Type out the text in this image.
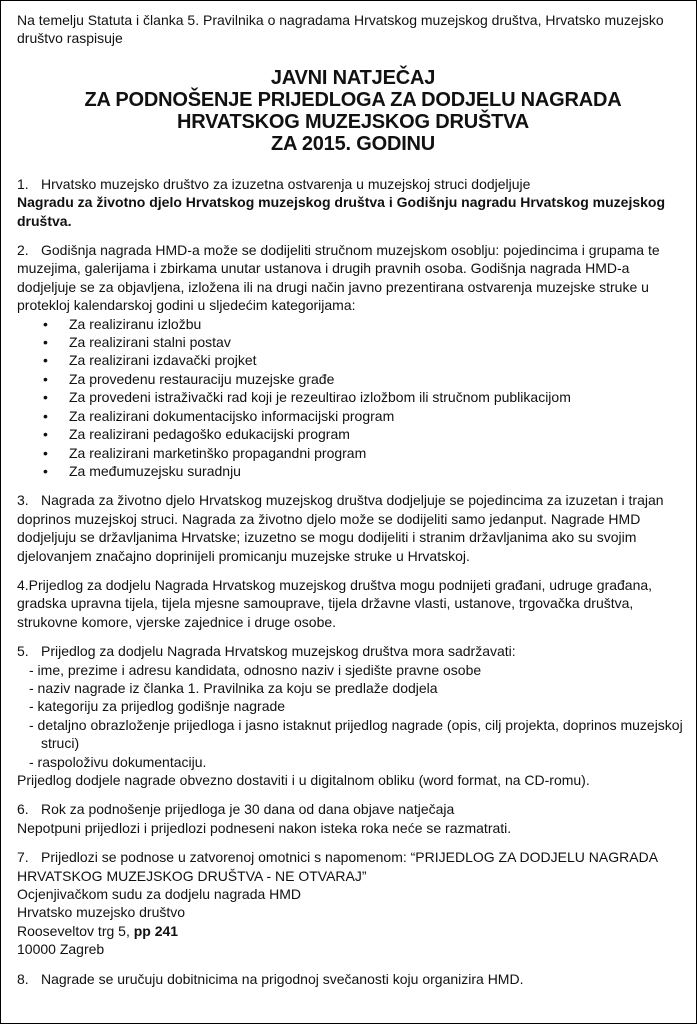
Na temelju Statuta i članka 5. Pravilnika o nagradama Hrvatskog muzejskog društva, Hrvatsko muzejsko društvo raspisuje

JAVNI NATJEČAJ
ZA PODNOŠENJE PRIJEDLOGA ZA DODJELU NAGRADA
HRVATSKOG MUZEJSKOG DRUŠTVA
ZA 2015. GODINU

1. Hrvatsko muzejsko društvo za izuzetna ostvarenja u muzejskoj struci dodjeljuje

Nagradu za životno djelo Hrvatskog muzejskog društva i Godišnju nagradu Hrvatskog muzejskog društva.

2. Godišnja nagrada HMD-a može se dodijeliti stručnom muzejskom osoblju: pojedincima i grupama te muzejima, galerijama i zbirkama unutar ustanova i drugih pravnih osoba. Godišnja nagrada HMD-a dodjeljuje se za objavljena, izložena ili na drugi način javno prezentirana ostvarenja muzejske struke u protekloj kalendarskoj godini u sljedećim kategorijama:

• Za realiziranu izložbu
• Za realizirani stalni postav
• Za realizirani izdavački projket
• Za provedenu restauraciju muzejske građe
• Za provedeni istraživački rad koji je rezeultirao izložbom ili stručnom publikacijom
• Za realizirani dokumentacijsko informacijski program
• Za realizirani pedagoško edukacijski program
• Za realizirani marketinško propagandni program
• Za međumuzejsku suradnju

3. Nagrada za životno djelo Hrvatskog muzejskog društva dodjeljuje se pojedincima za izuzetan i trajan doprinos muzejskoj struci. Nagrada za životno djelo može se dodijeliti samo jedanput. Nagrade HMD dodjeljuju se državljanima Hrvatske; izuzetno se mogu dodijeliti i stranim državljanima ako su svojim djelovanjem značajno doprinijeli promicanju muzejske struke u Hrvatskoj.

4.Prijedlog za dodjelu Nagrada Hrvatskog muzejskog društva mogu podnijeti građani, udruge građana, gradska upravna tijela, tijela mjesne samouprave, tijela državne vlasti, ustanove, trgovačka društva, strukovne komore, vjerske zajednice i druge osobe.

5. Prijedlog za dodjelu Nagrada Hrvatskog muzejskog društva mora sadržavati:

- ime, prezime i adresu kandidata, odnosno naziv i sjedište pravne osobe
- naziv nagrade iz članka 1. Pravilnika za koju se predlaže dodjela
- kategoriju za prijedlog godišnje nagrade
- detaljno obrazloženje prijedloga i jasno istaknut prijedlog nagrade (opis, cilj projekta, doprinos muzejskoj struci)
- raspoloživu dokumentaciju.

Prijedlog dodjele nagrade obvezno dostaviti i u digitalnom obliku (word format, na CD-romu).

6. Rok za podnošenje prijedloga je 30 dana od dana objave natječaja

Nepotpuni prijedlozi i prijedlozi podneseni nakon isteka roka neće se razmatrati.

7. Prijedlozi se podnose u zatvorenoj omotnici s napomenom: “PRIJEDLOG ZA DODJELU NAGRADA HRVATSKOG MUZEJSKOG DRUŠTVA - NE OTVARAJ”

Ocjenjivačkom sudu za dodjelu nagrada HMD

Hrvatsko muzejsko društvo

Rooseveltov trg 5, pp 241

10000 Zagreb

8. Nagrade se uručuju dobitnicima na prigodnoj svečanosti koju organizira HMD.
